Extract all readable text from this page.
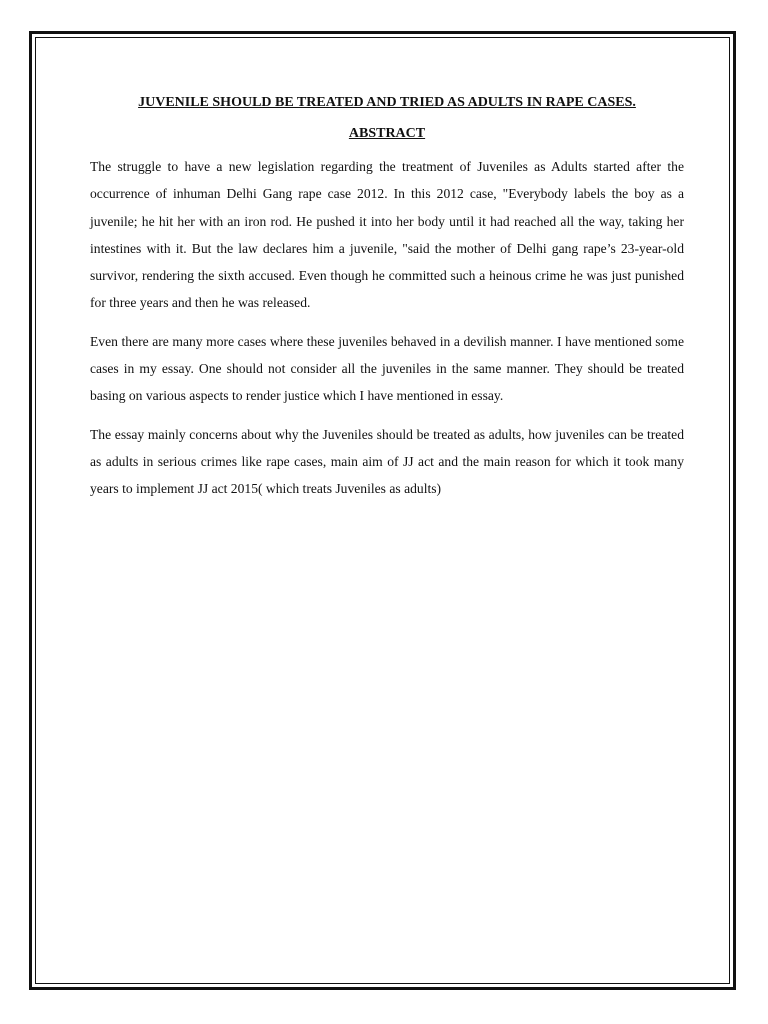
JUVENILE SHOULD BE TREATED AND TRIED AS ADULTS IN RAPE CASES.
ABSTRACT

The struggle to have a new legislation regarding the treatment of Juveniles as Adults started after the occurrence of inhuman Delhi Gang rape case 2012. In this 2012 case, "Everybody labels the boy as a juvenile; he hit her with an iron rod. He pushed it into her body until it had reached all the way, taking her intestines with it. But the law declares him a juvenile, "said the mother of Delhi gang rape’s 23-year-old survivor, rendering the sixth accused. Even though he committed such a heinous crime he was just punished for three years and then he was released.

Even there are many more cases where these juveniles behaved in a devilish manner. I have mentioned some cases in my essay. One should not consider all the juveniles in the same manner. They should be treated basing on various aspects to render justice which I have mentioned in essay.

The essay mainly concerns about why the Juveniles should be treated as adults, how juveniles can be treated as adults in serious crimes like rape cases, main aim of JJ act and the main reason for which it took many years to implement JJ act 2015( which treats Juveniles as adults)
